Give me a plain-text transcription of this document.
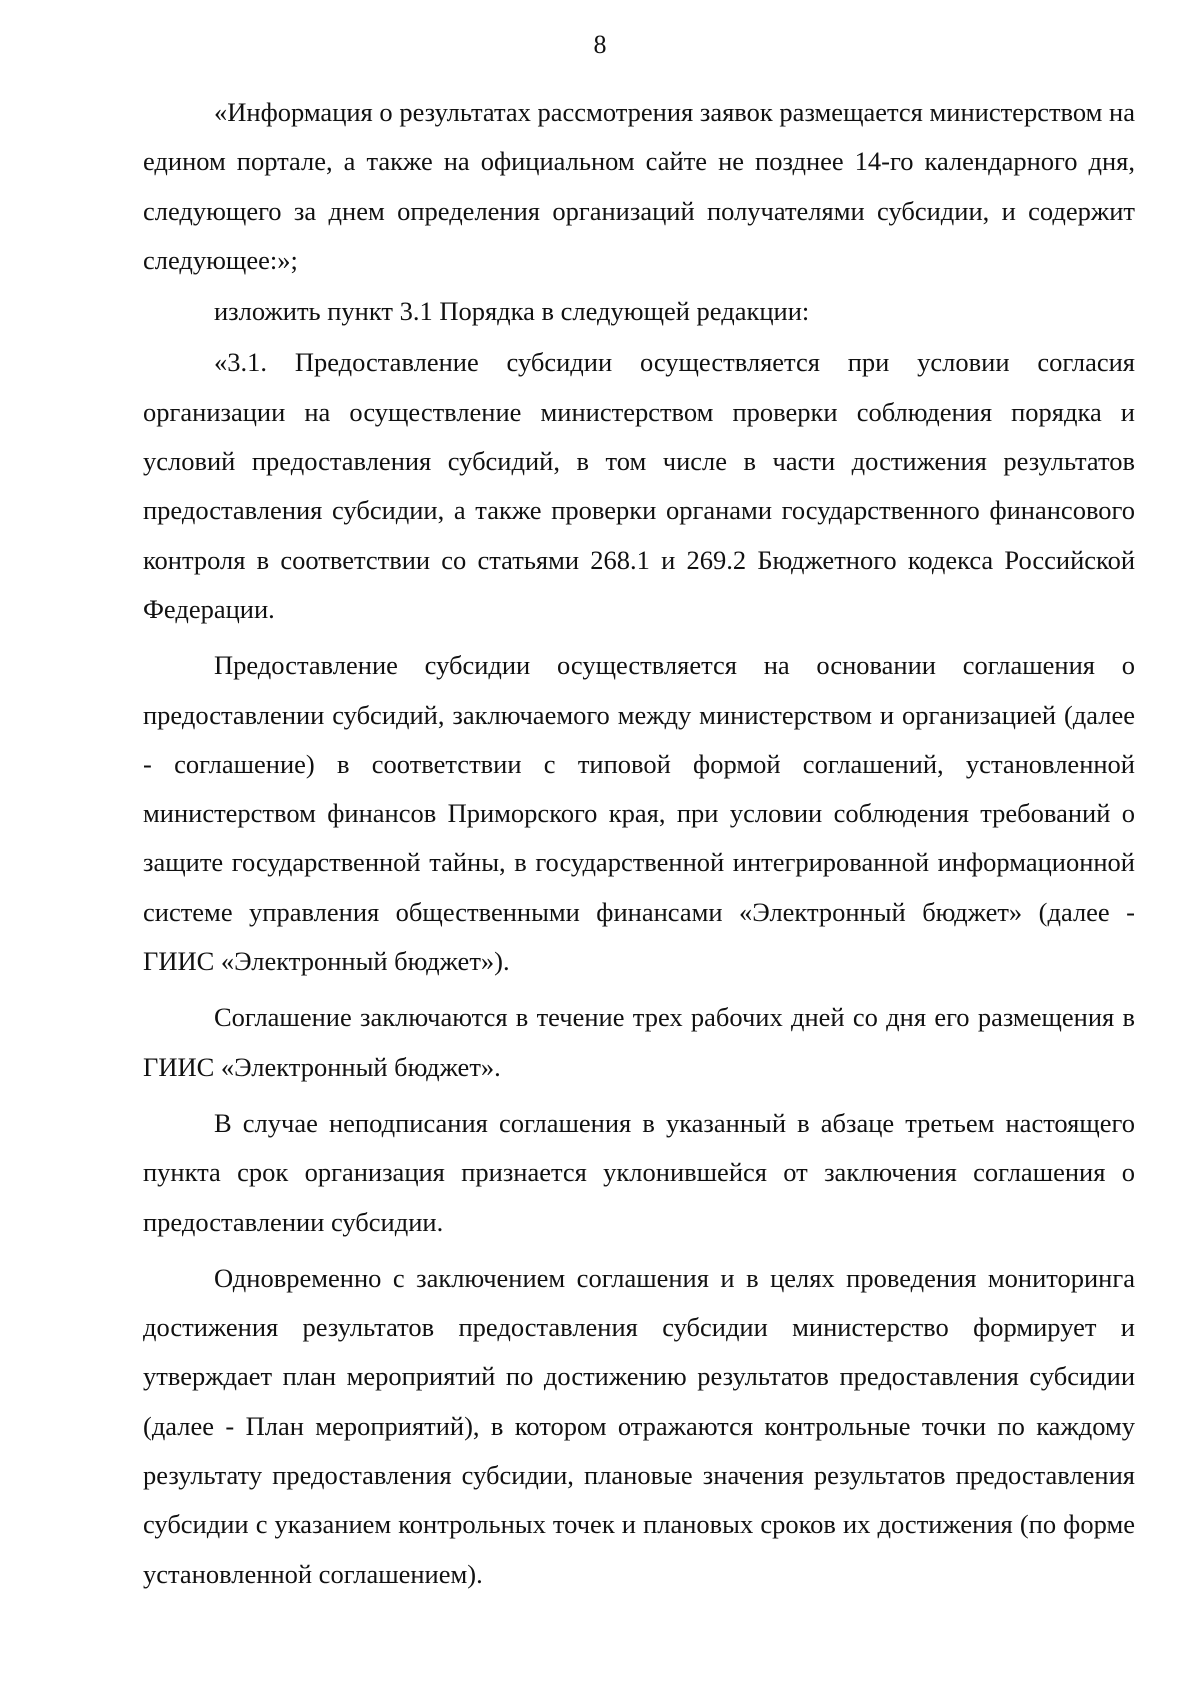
8

«Информация о результатах рассмотрения заявок размещается министерством на едином портале, а также на официальном сайте не позднее 14-го календарного дня, следующего за днем определения организаций получателями субсидии, и содержит следующее:»;

изложить пункт 3.1 Порядка в следующей редакции:

«3.1. Предоставление субсидии осуществляется при условии согласия организации на осуществление министерством проверки соблюдения порядка и условий предоставления субсидий, в том числе в части достижения результатов предоставления субсидии, а также проверки органами государственного финансового контроля в соответствии со статьями 268.1 и 269.2 Бюджетного кодекса Российской Федерации.

Предоставление субсидии осуществляется на основании соглашения о предоставлении субсидий, заключаемого между министерством и организацией (далее - соглашение) в соответствии с типовой формой соглашений, установленной министерством финансов Приморского края, при условии соблюдения требований о защите государственной тайны, в государственной интегрированной информационной системе управления общественными финансами «Электронный бюджет» (далее - ГИИС «Электронный бюджет»).

Соглашение заключаются в течение трех рабочих дней со дня его размещения в ГИИС «Электронный бюджет».

В случае неподписания соглашения в указанный в абзаце третьем настоящего пункта срок организация признается уклонившейся от заключения соглашения о предоставлении субсидии.

Одновременно с заключением соглашения и в целях проведения мониторинга достижения результатов предоставления субсидии министерство формирует и утверждает план мероприятий по достижению результатов предоставления субсидии (далее - План мероприятий), в котором отражаются контрольные точки по каждому результату предоставления субсидии, плановые значения результатов предоставления субсидии с указанием контрольных точек и плановых сроков их достижения (по форме установленной соглашением).
